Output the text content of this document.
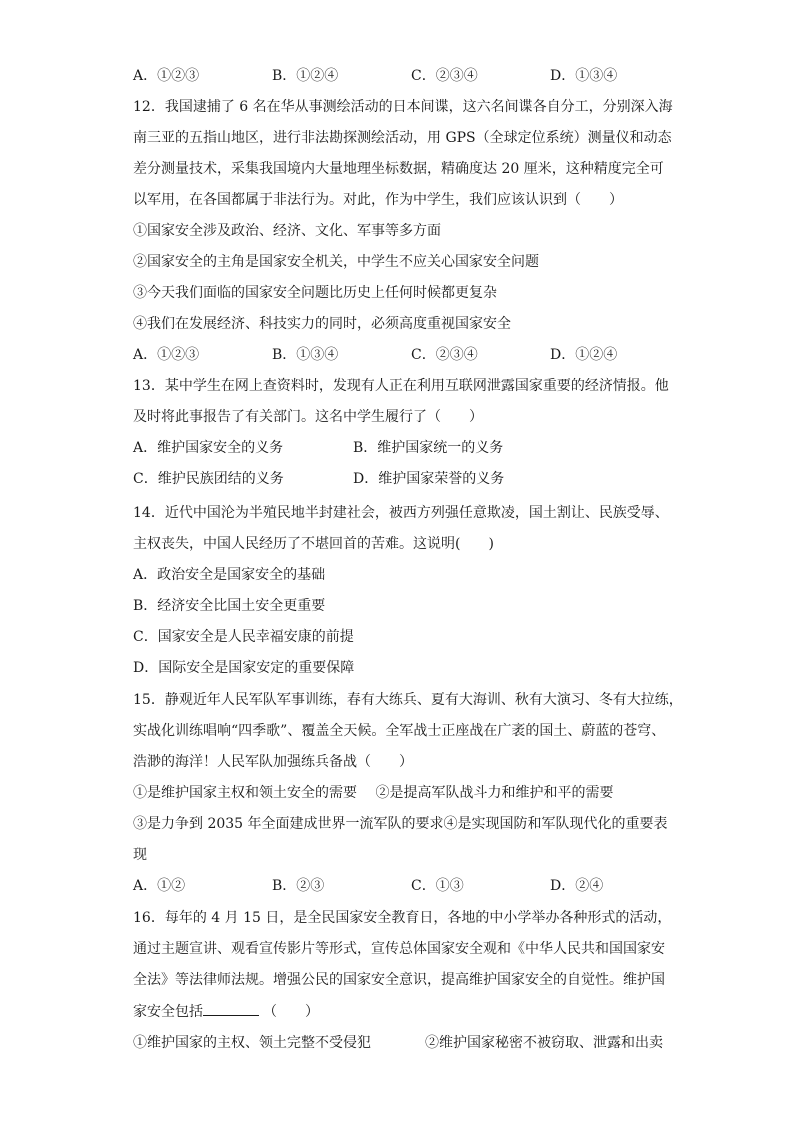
A．①②③	B．①②④	C．②③④	D．①③④
12．我国逮捕了 6 名在华从事测绘活动的日本间谍，这六名间谍各自分工，分别深入海
南三亚的五指山地区，进行非法勘探测绘活动，用 GPS（全球定位系统）测量仪和动态
差分测量技术，采集我国境内大量地理坐标数据，精确度达 20 厘米，这种精度完全可
以军用，在各国都属于非法行为。对此，作为中学生，我们应该认识到（　　）
①国家安全涉及政治、经济、文化、军事等多方面
②国家安全的主角是国家安全机关，中学生不应关心国家安全问题
③今天我们面临的国家安全问题比历史上任何时候都更复杂
④我们在发展经济、科技实力的同时，必须高度重视国家安全
A．①②③	B．①③④	C．②③④	D．①②④
13．某中学生在网上查资料时，发现有人正在利用互联网泄露国家重要的经济情报。他
及时将此事报告了有关部门。这名中学生履行了（　　）
A．维护国家安全的义务	B．维护国家统一的义务
C．维护民族团结的义务	D．维护国家荣誉的义务
14．近代中国沦为半殖民地半封建社会，被西方列强任意欺凌，国土割让、民族受辱、
主权丧失，中国人民经历了不堪回首的苦难。这说明(　　)
A．政治安全是国家安全的基础
B．经济安全比国土安全更重要
C．国家安全是人民幸福安康的前提
D．国际安全是国家安定的重要保障
15．静观近年人民军队军事训练，春有大练兵、夏有大海训、秋有大演习、冬有大拉练，
实战化训练唱响“四季歌”、覆盖全天候。全军战士正座战在广袤的国土、蔚蓝的苍穹、
浩渺的海洋！人民军队加强练兵备战（　　）
①是维护国家主权和领土安全的需要　 ②是提高军队战斗力和维护和平的需要
③是力争到 2035 年全面建成世界一流军队的要求④是实现国防和军队现代化的重要表
现
A．①②	B．②③	C．①③	D．②④
16．每年的 4 月 15 日，是全民国家安全教育日，各地的中小学举办各种形式的活动，
通过主题宣讲、观看宣传影片等形式，宣传总体国家安全观和《中华人民共和国国家安
全法》等法律师法规。增强公民的国家安全意识，提高维护国家安全的自觉性。维护国
家安全包括	（　　）
①维护国家的主权、领土完整不受侵犯	②维护国家秘密不被窃取、泄露和出卖
